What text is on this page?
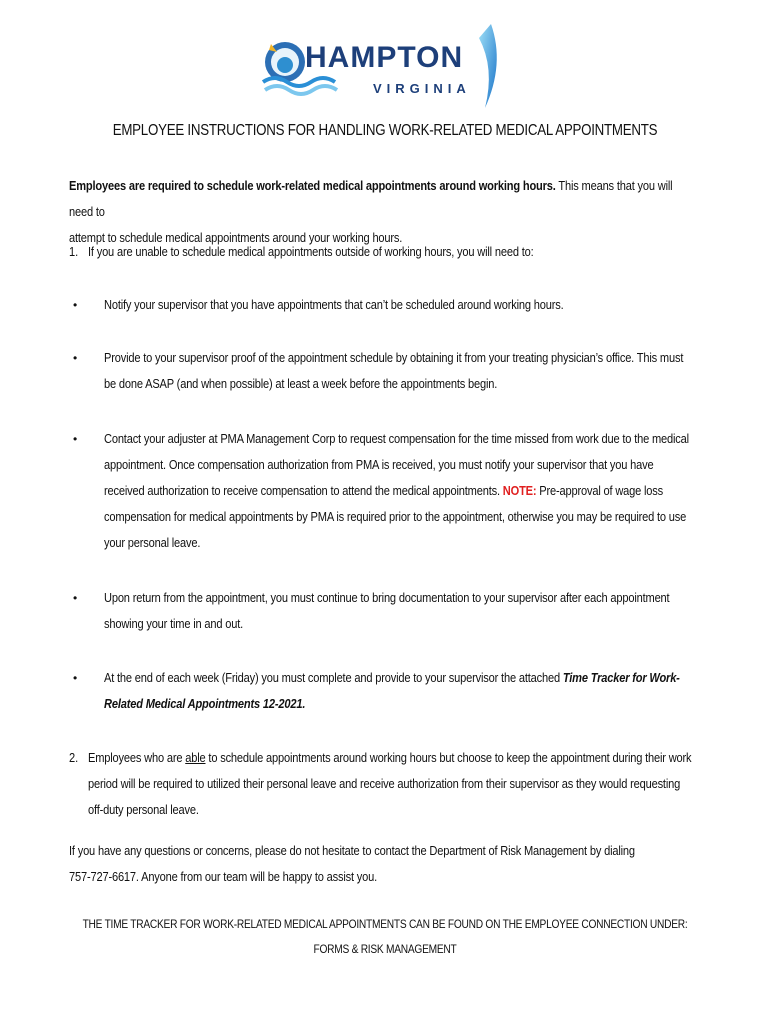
HAMPTON
VIRGINIA
EMPLOYEE INSTRUCTIONS FOR HANDLING WORK-RELATED MEDICAL APPOINTMENTS
Employees are required to schedule work-related medical appointments around working hours. This means that you will need to
attempt to schedule medical appointments around your working hours.
1. If you are unable to schedule medical appointments outside of working hours, you will need to:
• Notify your supervisor that you have appointments that can’t be scheduled around working hours.
• Provide to your supervisor proof of the appointment schedule by obtaining it from your treating physician’s office. This must
be done ASAP (and when possible) at least a week before the appointments begin.
• Contact your adjuster at PMA Management Corp to request compensation for the time missed from work due to the medical
appointment. Once compensation authorization from PMA is received, you must notify your supervisor that you have
received authorization to receive compensation to attend the medical appointments. NOTE: Pre-approval of wage loss
compensation for medical appointments by PMA is required prior to the appointment, otherwise you may be required to use
your personal leave.
• Upon return from the appointment, you must continue to bring documentation to your supervisor after each appointment
showing your time in and out.
• At the end of each week (Friday) you must complete and provide to your supervisor the attached Time Tracker for Work-
Related Medical Appointments 12-2021.
2. Employees who are able to schedule appointments around working hours but choose to keep the appointment during their work
period will be required to utilized their personal leave and receive authorization from their supervisor as they would requesting
off-duty personal leave.
If you have any questions or concerns, please do not hesitate to contact the Department of Risk Management by dialing
757-727-6617. Anyone from our team will be happy to assist you.
THE TIME TRACKER FOR WORK-RELATED MEDICAL APPOINTMENTS CAN BE FOUND ON THE EMPLOYEE CONNECTION UNDER:
FORMS & RISK MANAGEMENT
